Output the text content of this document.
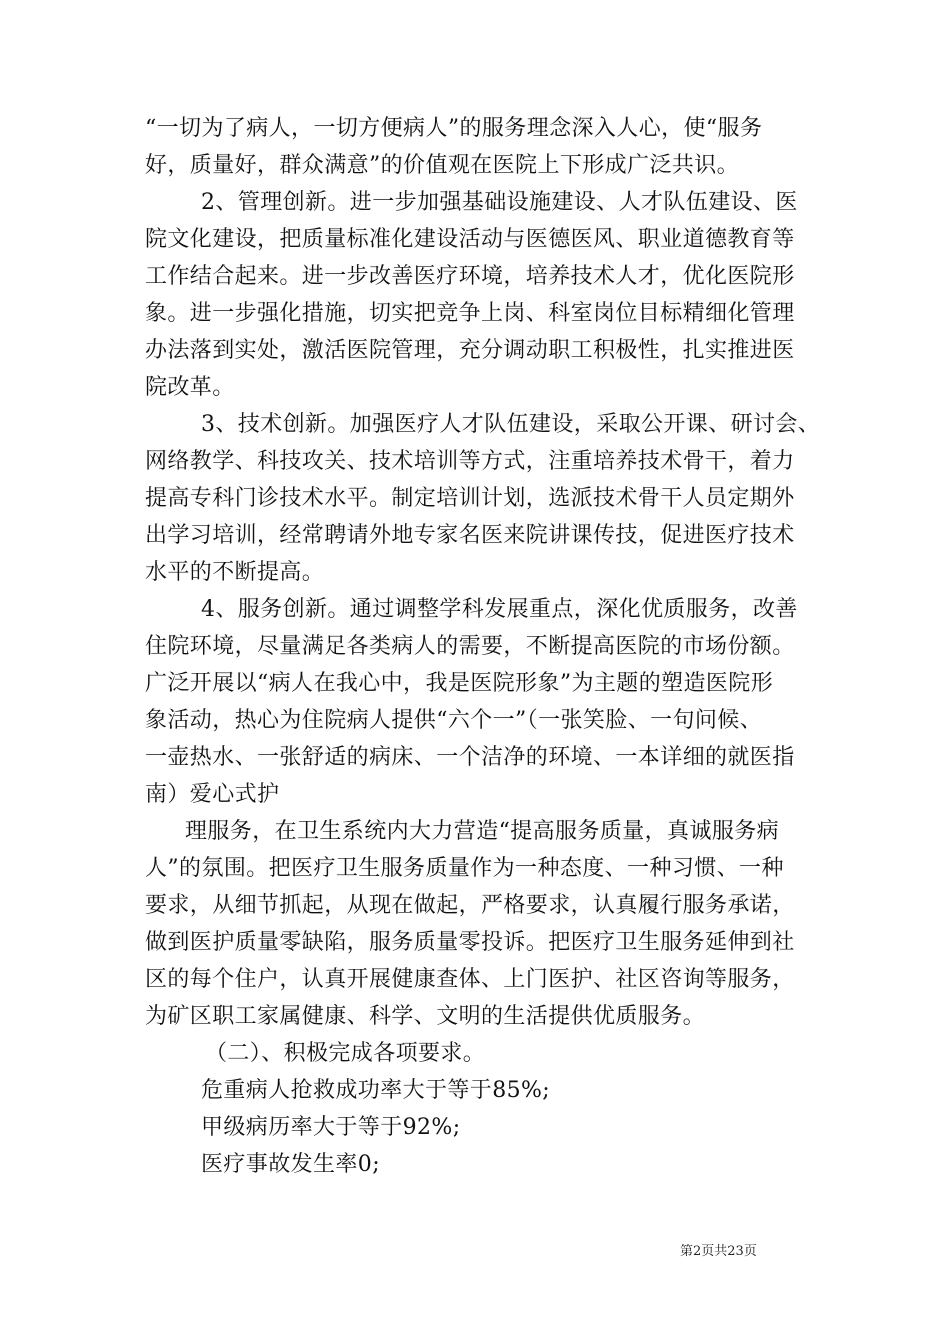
“一切为了病人，一切方便病人”的服务理念深入人心，使“服务
好，质量好，群众满意”的价值观在医院上下形成广泛共识。
2、管理创新。进一步加强基础设施建设、人才队伍建设、医
院文化建设，把质量标准化建设活动与医德医风、职业道德教育等
工作结合起来。进一步改善医疗环境，培养技术人才，优化医院形
象。进一步强化措施，切实把竞争上岗、科室岗位目标精细化管理
办法落到实处，激活医院管理，充分调动职工积极性，扎实推进医
院改革。
3、技术创新。加强医疗人才队伍建设，采取公开课、研讨会、
网络教学、科技攻关、技术培训等方式，注重培养技术骨干，着力
提高专科门诊技术水平。制定培训计划，选派技术骨干人员定期外
出学习培训，经常聘请外地专家名医来院讲课传技，促进医疗技术
水平的不断提高。
4、服务创新。通过调整学科发展重点，深化优质服务，改善
住院环境，尽量满足各类病人的需要，不断提高医院的市场份额。
广泛开展以“病人在我心中，我是医院形象”为主题的塑造医院形
象活动，热心为住院病人提供“六个一”（一张笑脸、一句问候、
一壶热水、一张舒适的病床、一个洁净的环境、一本详细的就医指
南）爱心式护
理服务，在卫生系统内大力营造“提高服务质量，真诚服务病
人”的氛围。把医疗卫生服务质量作为一种态度、一种习惯、一种
要求，从细节抓起，从现在做起，严格要求，认真履行服务承诺，
做到医护质量零缺陷，服务质量零投诉。把医疗卫生服务延伸到社
区的每个住户，认真开展健康查体、上门医护、社区咨询等服务，
为矿区职工家属健康、科学、文明的生活提供优质服务。
（二）、积极完成各项要求。
危重病人抢救成功率大于等于85%;
甲级病历率大于等于92%;
医疗事故发生率0;
第2页共23页
